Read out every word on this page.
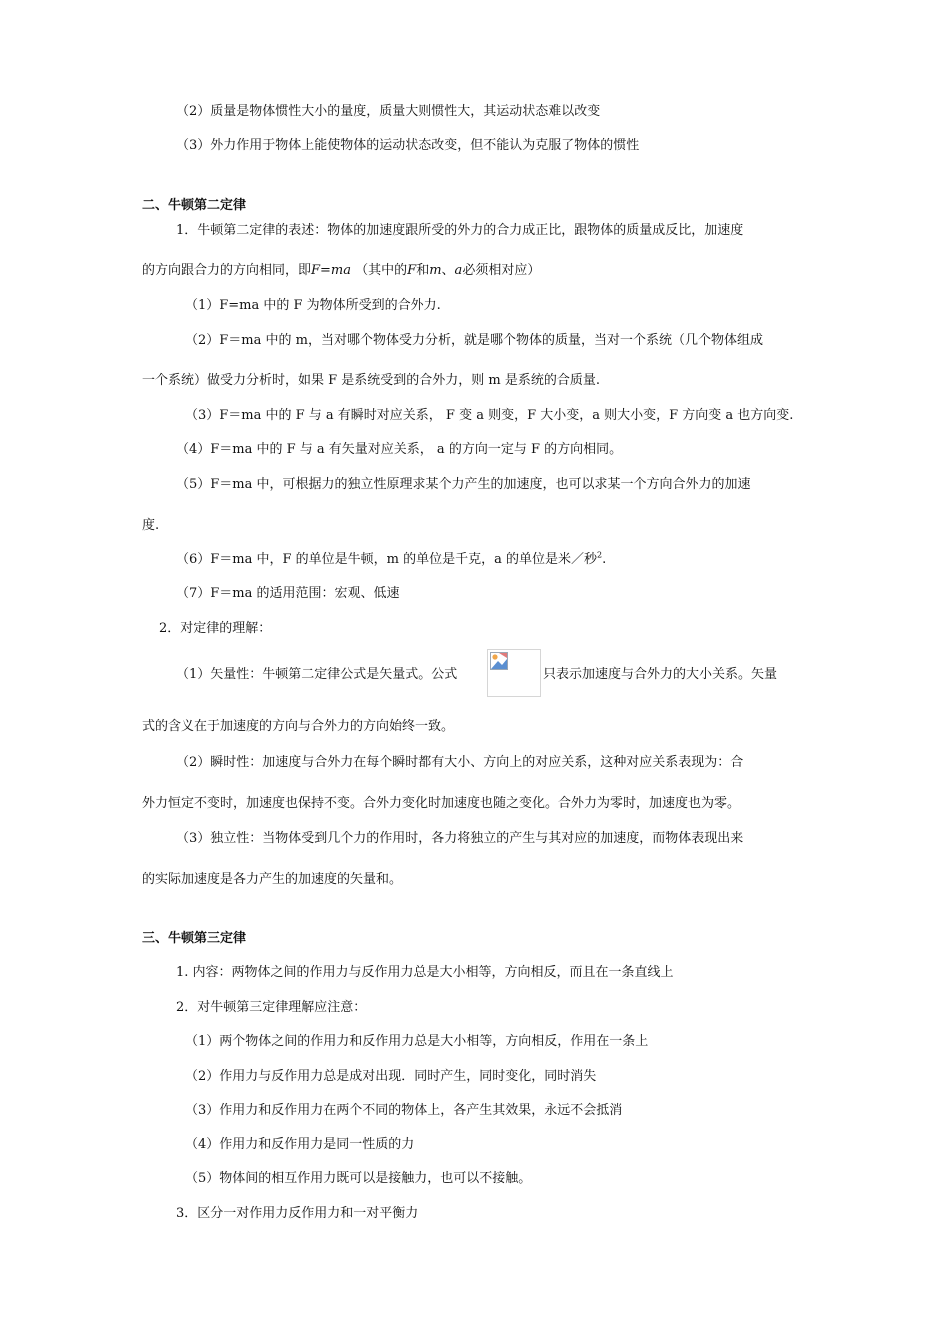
（2）质量是物体惯性大小的量度，质量大则惯性大，其运动状态难以改变
（3）外力作用于物体上能使物体的运动状态改变，但不能认为克服了物体的惯性
二、牛顿第二定律
1．牛顿第二定律的表述：物体的加速度跟所受的外力的合力成正比，跟物体的质量成反比，加速度
的方向跟合力的方向相同，即F=ma （其中的F和m、a必须相对应）
（1）F=ma 中的 F 为物体所受到的合外力.
（2）F＝ma 中的 m，当对哪个物体受力分析，就是哪个物体的质量，当对一个系统（几个物体组成
一个系统）做受力分析时，如果 F 是系统受到的合外力，则 m 是系统的合质量.
（3）F＝ma 中的 F 与 a 有瞬时对应关系， F 变 a 则变，F 大小变，a 则大小变，F 方向变 a 也方向变.
（4）F＝ma 中的 F 与 a 有矢量对应关系， a 的方向一定与 F 的方向相同。
（5）F＝ma 中，可根据力的独立性原理求某个力产生的加速度，也可以求某一个方向合外力的加速
度.
（6）F＝ma 中，F 的单位是牛顿，m 的单位是千克，a 的单位是米／秒$^2$.
（7）F＝ma 的适用范围：宏观、低速
2．对定律的理解：
（1）矢量性：牛顿第二定律公式是矢量式。公式	只表示加速度与合外力的大小关系。矢量
式的含义在于加速度的方向与合外力的方向始终一致。
（2）瞬时性：加速度与合外力在每个瞬时都有大小、方向上的对应关系，这种对应关系表现为：合
外力恒定不变时，加速度也保持不变。合外力变化时加速度也随之变化。合外力为零时，加速度也为零。
（3）独立性：当物体受到几个力的作用时，各力将独立的产生与其对应的加速度，而物体表现出来
的实际加速度是各力产生的加速度的矢量和。
三、牛顿第三定律
1. 内容：两物体之间的作用力与反作用力总是大小相等，方向相反，而且在一条直线上
2．对牛顿第三定律理解应注意：
（1）两个物体之间的作用力和反作用力总是大小相等，方向相反，作用在一条上
（2）作用力与反作用力总是成对出现．同时产生，同时变化，同时消失
（3）作用力和反作用力在两个不同的物体上，各产生其效果，永远不会抵消
（4）作用力和反作用力是同一性质的力
（5）物体间的相互作用力既可以是接触力，也可以不接触。
3．区分一对作用力反作用力和一对平衡力
